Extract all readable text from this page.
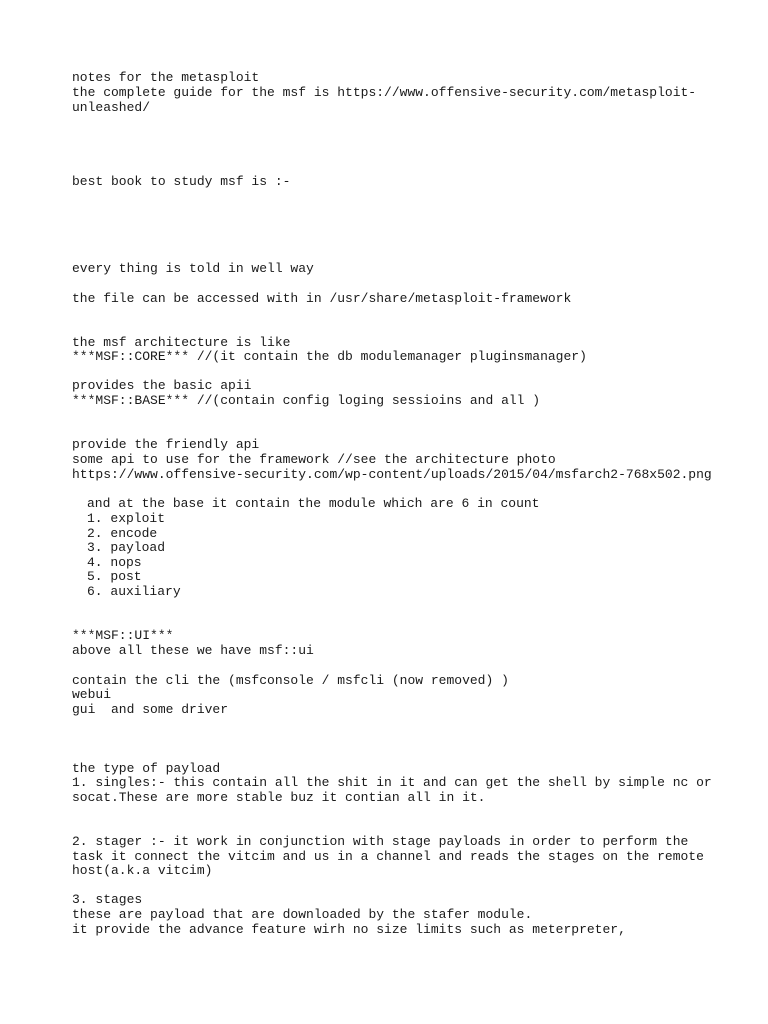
notes for the metasploit

the complete guide for the msf is https://www.offensive-security.com/metasploit-

unleashed/

best book to study msf is :-

every thing is told in well way

the file can be accessed with in /usr/share/metasploit-framework

the msf architecture is like

***MSF::CORE*** //(it contain the db modulemanager pluginsmanager)

provides the basic apii

***MSF::BASE*** //(contain config loging sessioins and all )

provide the friendly api

some api to use for the framework //see the architecture photo

https://www.offensive-security.com/wp-content/uploads/2015/04/msfarch2-768x502.png

and at the base it contain the module which are 6 in count

1. exploit

2. encode

3. payload

4. nops

5. post

6. auxiliary

***MSF::UI***

above all these we have msf::ui

contain the cli the (msfconsole / msfcli (now removed) )

webui

gui  and some driver

the type of payload

1. singles:- this contain all the shit in it and can get the shell by simple nc or

socat.These are more stable buz it contian all in it.

2. stager :- it work in conjunction with stage payloads in order to perform the

task it connect the vitcim and us in a channel and reads the stages on the remote

host(a.k.a vitcim)

3. stages

these are payload that are downloaded by the stafer module.

it provide the advance feature wirh no size limits such as meterpreter,
